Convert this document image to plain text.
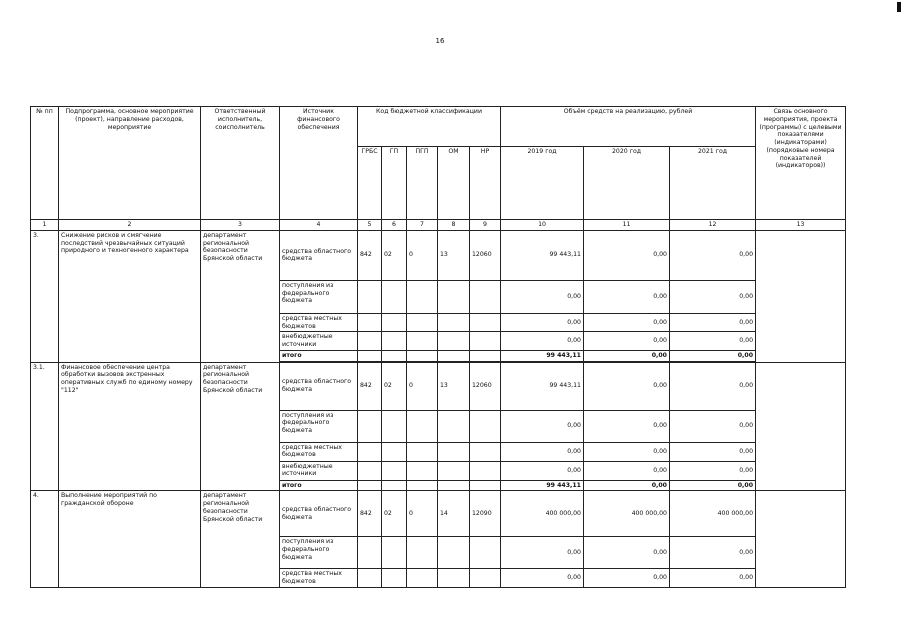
16
№ пп	Подпрограмма, основное мероприятие (проект), направление расходов, мероприятие	Ответственный исполнитель, соисполнитель	Источник финансового обеспечения	Код бюджетной классификации					Объём средств на реализацию, рублей			Связь основного мероприятия, проекта (программы) с целевыми показателями (индикаторами) (порядковые номера показателей (индикаторов))
				ГРБС	ГП	ПГП	ОМ	НР	2019 год	2020 год	2021 год	
1	2	3	4	5	6	7	8	9	10	11	12	13
3.	Снижение рисков и смягчение последствий чрезвычайных ситуаций природного и техногенного характера	департамент региональной безопасности Брянской области	средства областного бюджета	842	02	0	13	12060	99 443,11	0,00	0,00	
			поступления из федерального бюджета						0,00	0,00	0,00	
			средства местных бюджетов						0,00	0,00	0,00	
			внебюджетные источники						0,00	0,00	0,00	
			итого						99 443,11	0,00	0,00	

3.1.	Финансовое обеспечение центра обработки вызовов экстренных оперативных служб по единому номеру "112"	департамент региональной безопасности Брянской области	средства областного бюджета	842	02	0	13	12060	99 443,11	0,00	0,00	
			поступления из федерального бюджета						0,00	0,00	0,00	
			средства местных бюджетов						0,00	0,00	0,00	
			внебюджетные источники						0,00	0,00	0,00	
			итого						99 443,11	0,00	0,00	
4.	Выполнение мероприятий по гражданской обороне	департамент региональной безопасности Брянской области	средства областного бюджета	842	02	0	14	12090	400 000,00	400 000,00	400 000,00	
			поступления из федерального бюджета						0,00	0,00	0,00	
			средства местных бюджетов						0,00	0,00	0,00	
